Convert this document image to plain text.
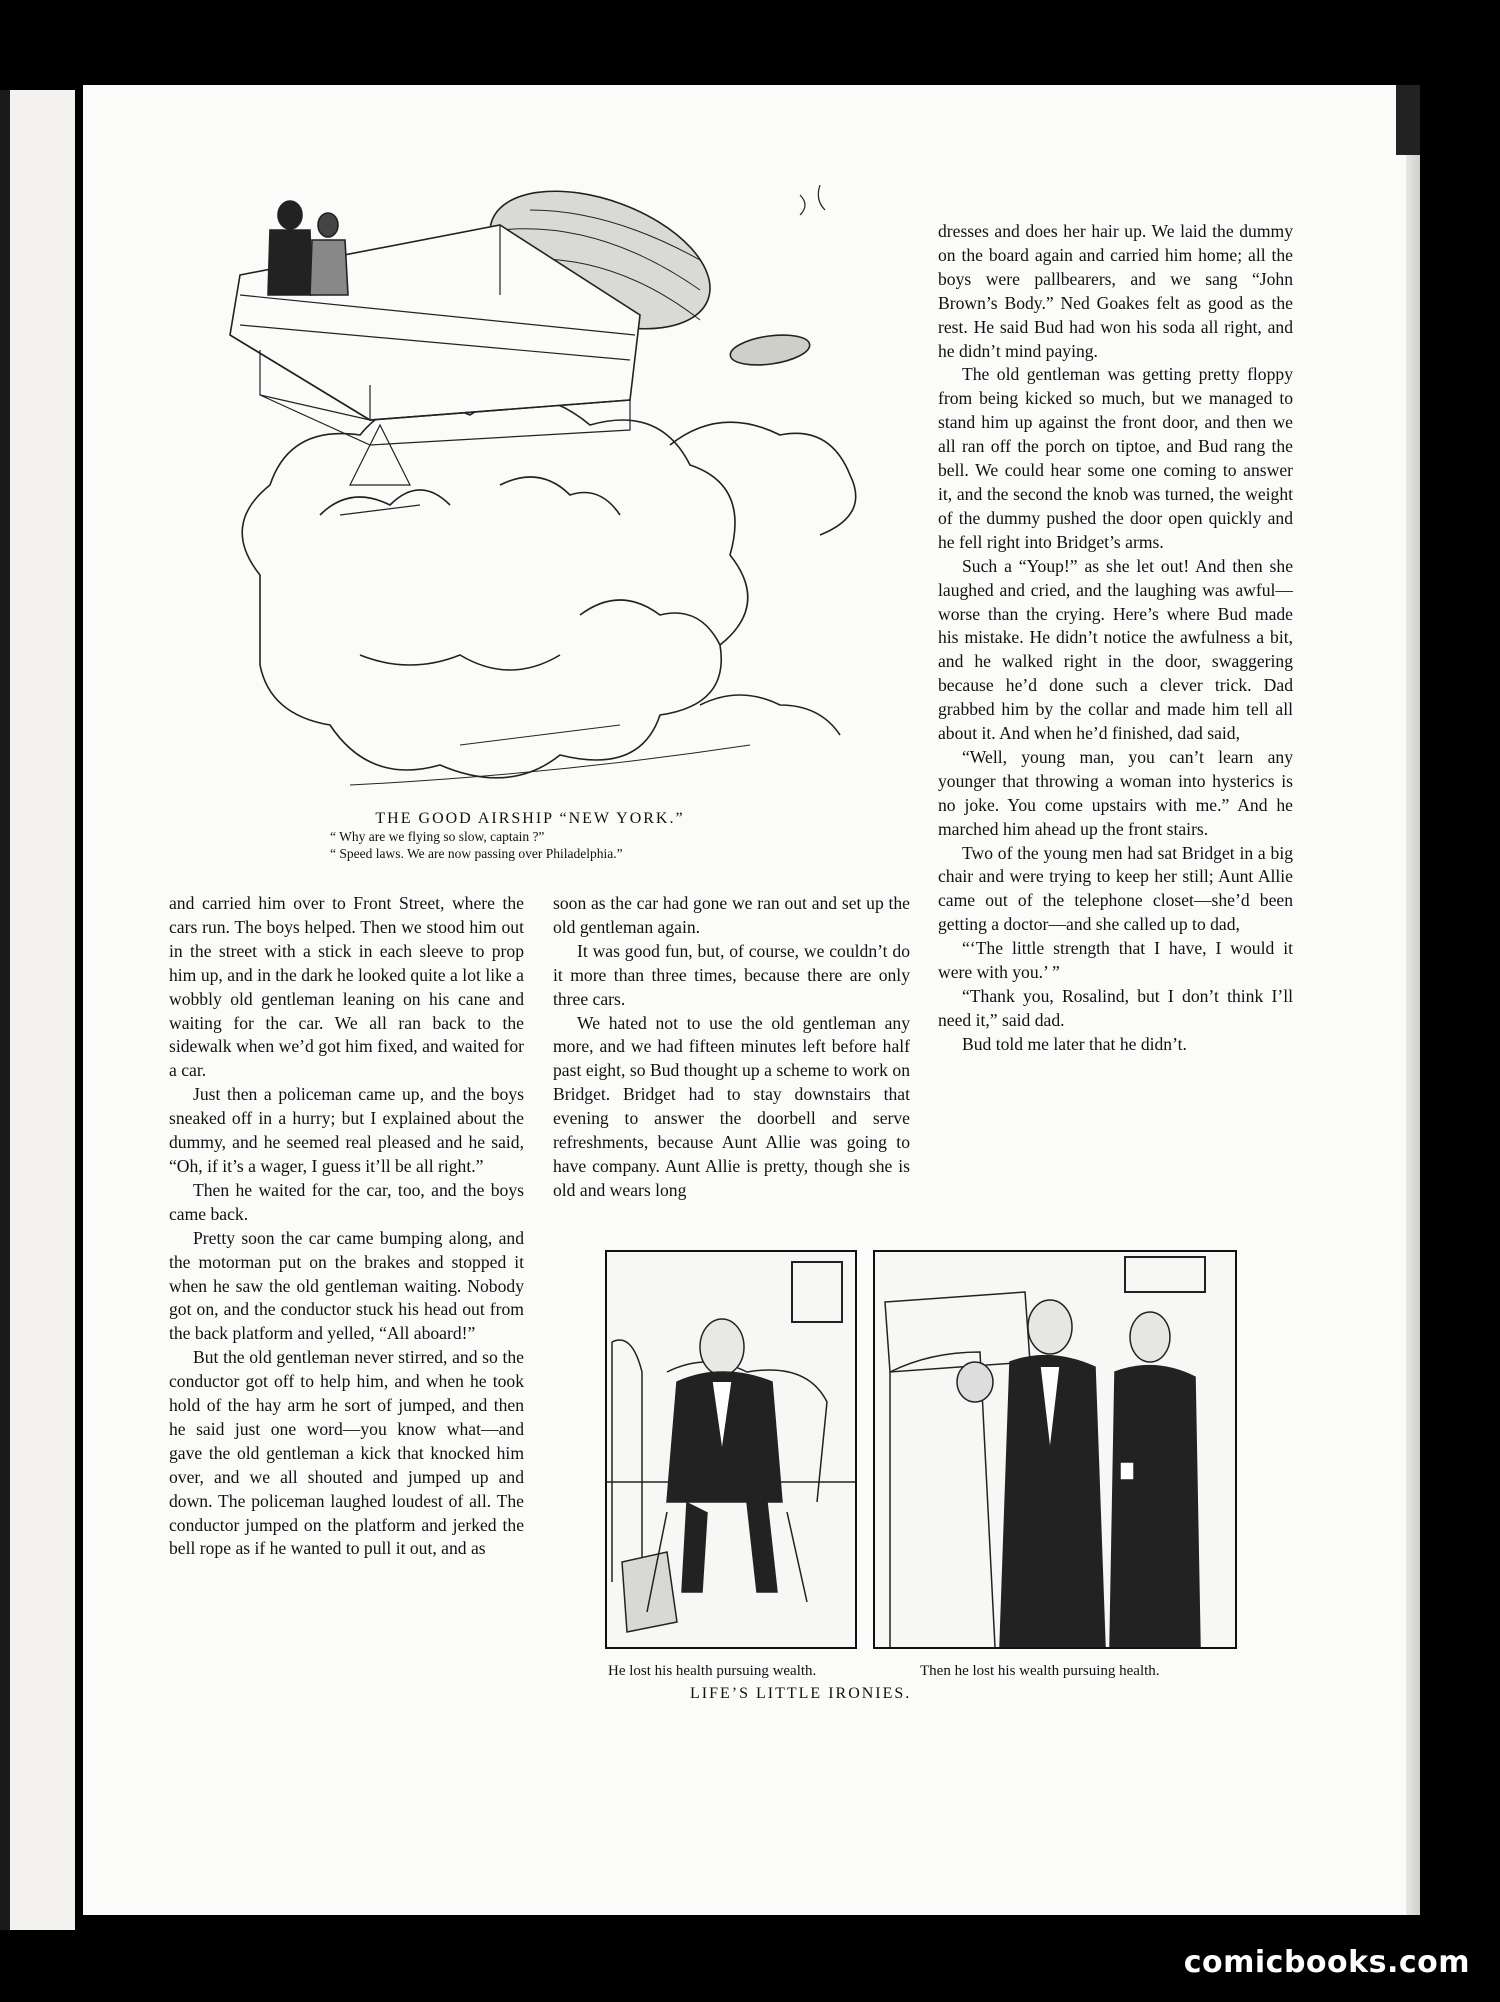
THE GOOD AIRSHIP “NEW YORK.”
“ Why are we flying so slow, captain ?”
“ Speed laws. We are now passing over Philadelphia.”

and carried him over to Front Street, where the cars run. The boys helped. Then we stood him out in the street with a stick in each sleeve to prop him up, and in the dark he looked quite a lot like a wobbly old gentleman leaning on his cane and waiting for the car. We all ran back to the sidewalk when we’d got him fixed, and waited for a car.

Just then a policeman came up, and the boys sneaked off in a hurry; but I explained about the dummy, and he seemed real pleased and he said, “Oh, if it’s a wager, I guess it’ll be all right.”

Then he waited for the car, too, and the boys came back.

Pretty soon the car came bumping along, and the motorman put on the brakes and stopped it when he saw the old gentleman waiting. Nobody got on, and the conductor stuck his head out from the back platform and yelled, “All aboard!”

But the old gentleman never stirred, and so the conductor got off to help him, and when he took hold of the hay arm he sort of jumped, and then he said just one word—you know what—and gave the old gentleman a kick that knocked him over, and we all shouted and jumped up and down. The policeman laughed loudest of all. The conductor jumped on the platform and jerked the bell rope as if he wanted to pull it out, and as

soon as the car had gone we ran out and set up the old gentleman again.

It was good fun, but, of course, we couldn’t do it more than three times, because there are only three cars.

We hated not to use the old gentleman any more, and we had fifteen minutes left before half past eight, so Bud thought up a scheme to work on Bridget. Bridget had to stay downstairs that evening to answer the doorbell and serve refreshments, because Aunt Allie was going to have company. Aunt Allie is pretty, though she is old and wears long

dresses and does her hair up. We laid the dummy on the board again and carried him home; all the boys were pallbearers, and we sang “John Brown’s Body.” Ned Goakes felt as good as the rest. He said Bud had won his soda all right, and he didn’t mind paying.

The old gentleman was getting pretty floppy from being kicked so much, but we managed to stand him up against the front door, and then we all ran off the porch on tiptoe, and Bud rang the bell. We could hear some one coming to answer it, and the second the knob was turned, the weight of the dummy pushed the door open quickly and he fell right into Bridget’s arms.

Such a “Youp!” as she let out! And then she laughed and cried, and the laughing was awful—worse than the crying. Here’s where Bud made his mistake. He didn’t notice the awfulness a bit, and he walked right in the door, swaggering because he’d done such a clever trick. Dad grabbed him by the collar and made him tell all about it. And when he’d finished, dad said,

“Well, young man, you can’t learn any younger that throwing a woman into hysterics is no joke. You come upstairs with me.” And he marched him ahead up the front stairs.

Two of the young men had sat Bridget in a big chair and were trying to keep her still; Aunt Allie came out of the telephone closet—she’d been getting a doctor—and she called up to dad,

“‘The little strength that I have, I would it were with you.’ ”

“Thank you, Rosalind, but I don’t think I’ll need it,” said dad.

Bud told me later that he didn’t.

He lost his health pursuing wealth.	Then he lost his wealth pursuing health.
LIFE’S LITTLE IRONIES.
comicbooks.com
